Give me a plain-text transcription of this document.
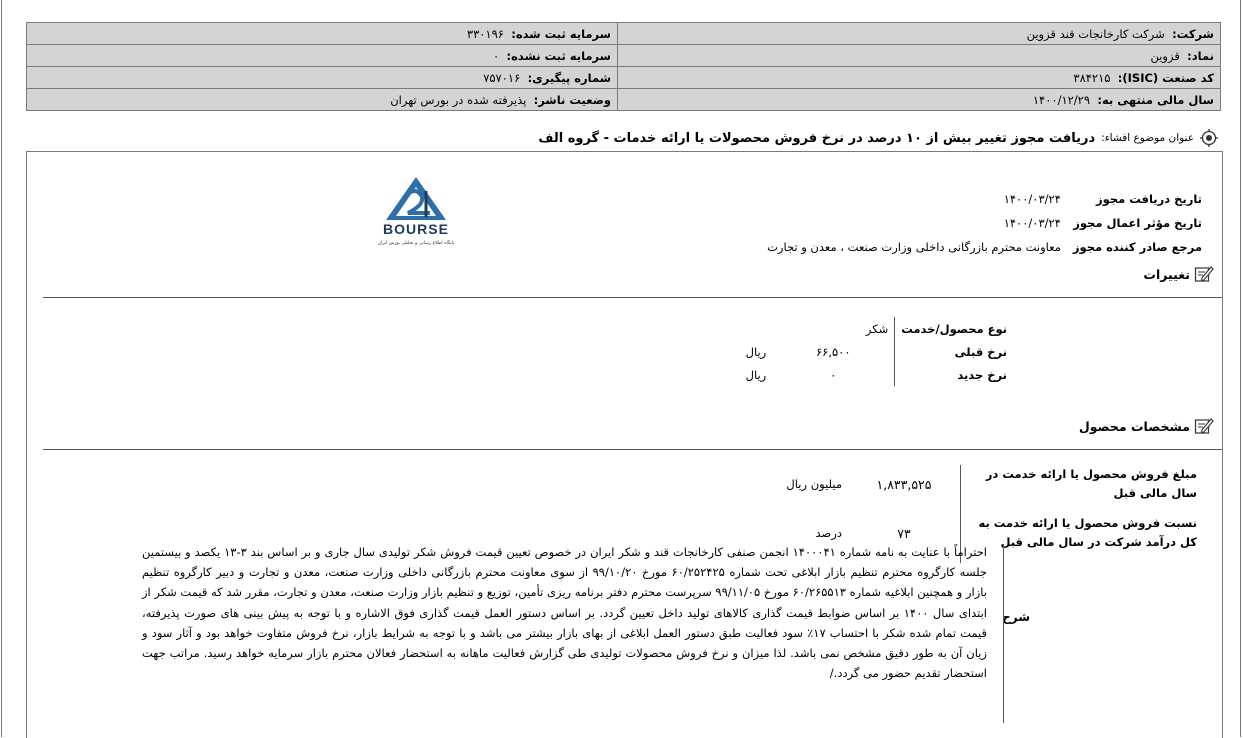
شرکت:  شرکت کارخانجات قند قزوین	سرمایه ثبت شده:  ۳۳۰۱۹۶
نماد:  قزوین	سرمایه ثبت نشده:  ۰
کد صنعت (ISIC):  ۳۸۴۲۱۵	شماره پیگیری:  ۷۵۷۰۱۶
سال مالی منتهی به:  ۱۴۰۰/۱۲/۲۹	وضعیت ناشر:  پذیرفته شده در بورس تهران
عنوان موضوع افشاء:
دریافت مجوز تغییر بیش از ۱۰ درصد در نرخ فروش محصولات یا ارائه خدمات - گروه الف
BOURSE
پایگاه اطلاع رسانی و تحلیلی بورس ایران
تاریخ دریافت مجوز	۱۴۰۰/۰۳/۲۴
تاریخ مؤثر اعمال مجوز	۱۴۰۰/۰۳/۲۴
مرجع صادر کننده مجوز	معاونت محترم بازرگانی داخلی وزارت صنعت ، معدن و تجارت
تغییرات
نوع محصول/خدمت	شکر	
نرخ قبلی	۶۶,۵۰۰	ریال
نرخ جدید	۰	ریال
مشخصات محصول
مبلغ فروش محصول یا ارائه خدمت در سال مالی قبل	۱,۸۳۳,۵۲۵	میلیون ریال
نسبت فروش محصول یا ارائه خدمت به کل درآمد شرکت در سال مالی قبل	۷۳	درصد
شرح
احتراماً با عنایت به نامه شماره ۱۴۰۰۰۴۱ انجمن صنفی کارخانجات قند و شکر ایران در خصوص تعیین قیمت فروش شکر تولیدی سال جاری و بر اساس بند ۳-۱۳ یکصد و بیستمین جلسه کارگروه محترم تنظیم بازار ابلاغی تحت شماره ۶۰/۲۵۲۴۲۵ مورخ ۹۹/۱۰/۲۰ از سوی معاونت محترم بازرگانی داخلی وزارت صنعت، معدن و تجارت و دبیر کارگروه تنظیم بازار و همچنین ابلاغیه شماره ۶۰/۲۶۵۵۱۳ مورخ ۹۹/۱۱/۰۵ سرپرست محترم دفتر برنامه ریزی تأمین، توزیع و تنظیم بازار وزارت صنعت، معدن و تجارت، مقرر شد که قیمت شکر از ابتدای سال ۱۴۰۰ بر اساس ضوابط قیمت گذاری کالاهای تولید داخل تعیین گردد. بر اساس دستور العمل قیمت گذاری فوق الاشاره و با توجه به پیش بینی های صورت پذیرفته، قیمت تمام شده شکر با احتساب ۱۷٪ سود فعالیت طبق دستور العمل ابلاغی از بهای بازار بیشتر می باشد و با توجه به شرایط بازار، نرخ فروش متفاوت خواهد بود و آثار سود و زیان آن به طور دقیق مشخص نمی باشد. لذا میزان و نرخ فروش محصولات تولیدی طی گزارش فعالیت ماهانه به استحضار فعالان محترم بازار سرمایه خواهد رسید. مراتب جهت استحضار تقدیم حضور می گردد./
